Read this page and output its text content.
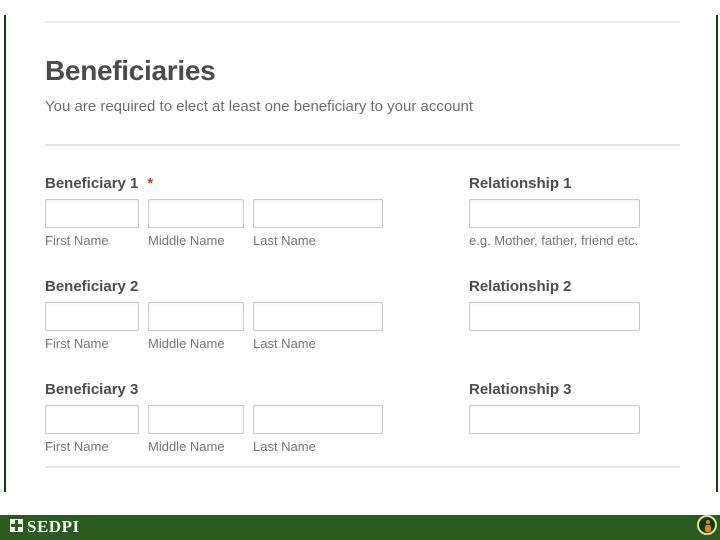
Beneficiaries
You are required to elect at least one beneficiary to your account
Beneficiary 1 *	Relationship 1
First Name	Middle Name Last Name	e.g. Mother, father, friend etc.
Beneficiary 2	Relationship 2
First Name	Middle Name Last Name
Beneficiary 3	Relationship 3
First Name	Middle Name Last Name
SEDPI
